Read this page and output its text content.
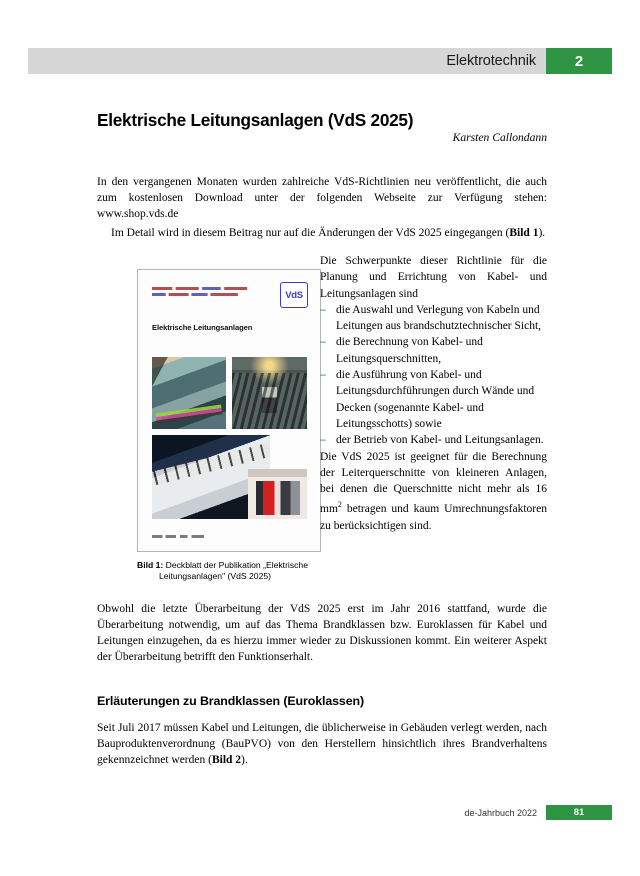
Elektrotechnik	2
Elektrische Leitungsanlagen (VdS 2025)
Karsten Callondann

In den vergangenen Monaten wurden zahlreiche VdS-Richtlinien neu veröffentlicht, die auch zum kostenlosen Download unter der folgenden Webseite zur Verfügung stehen: www.shop.vds.de

Im Detail wird in diesem Beitrag nur auf die Änderungen der VdS 2025 eingegangen (Bild 1).

VdS
Elektrische Leitungsanlagen
Bild 1: Deckblatt der Publikation „Elektrische
Leitungsanlagen" (VdS 2025)

Die Schwerpunkte dieser Richtlinie für die Planung und Errichtung von Kabel- und Leitungsanlagen sind

– die Auswahl und Verlegung von Kabeln und Leitungen aus brandschutztechnischer Sicht,
– die Berechnung von Kabel- und Leitungsquerschnitten,
– die Ausführung von Kabel- und Leitungsdurchführungen durch Wände und Decken (sogenannte Kabel- und Leitungsschotts) sowie
– der Betrieb von Kabel- und Leitungsanlagen.

Die VdS 2025 ist geeignet für die Berechnung der Leiterquerschnitte von kleineren Anlagen, bei denen die Querschnitte nicht mehr als 16 $mm^2$ betragen und kaum Umrechnungsfaktoren zu berücksichtigen sind.

Obwohl die letzte Überarbeitung der VdS 2025 erst im Jahr 2016 stattfand, wurde die Überarbeitung notwendig, um auf das Thema Brandklassen bzw. Euroklassen für Kabel und Leitungen einzugehen, da es hierzu immer wieder zu Diskussionen kommt. Ein weiterer Aspekt der Überarbeitung betrifft den Funktionserhalt.

Erläuterungen zu Brandklassen (Euroklassen)

Seit Juli 2017 müssen Kabel und Leitungen, die üblicherweise in Gebäuden verlegt werden, nach Bauproduktenverordnung (BauPVO) von den Herstellern hinsichtlich ihres Brandverhaltens gekennzeichnet werden (Bild 2).

de-Jahrbuch 2022	81
